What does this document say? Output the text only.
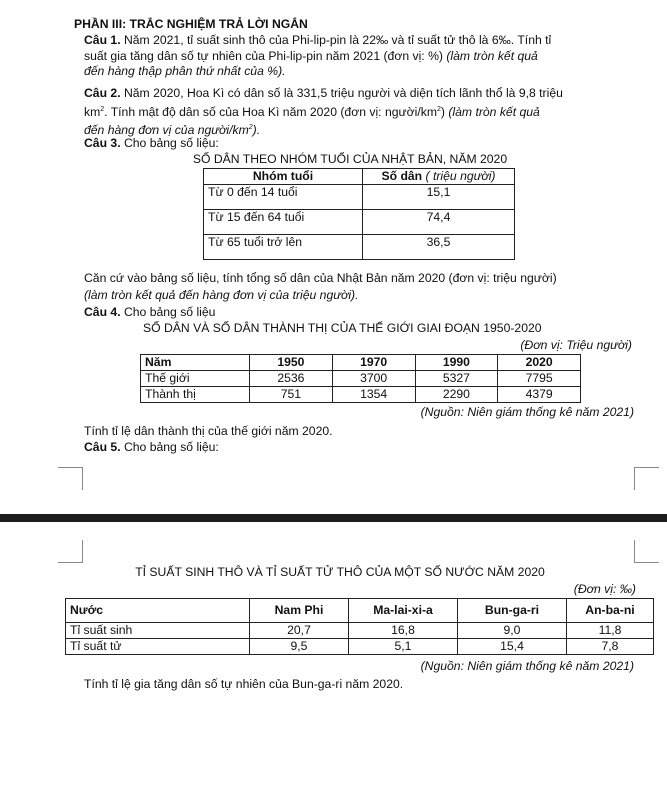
PHẦN III: TRẮC NGHIỆM TRẢ LỜI NGẮN
Câu 1. Năm 2021, tỉ suất sinh thô của Phi-lip-pin là 22‰ và tỉ suất tử thô là 6‰. Tính tỉ
suất gia tăng dân số tự nhiên của Phi-lip-pin năm 2021 (đơn vị: %) (làm tròn kết quả
đến hàng thập phân thứ nhất của %).
Câu 2. Năm 2020, Hoa Kì có dân số là 331,5 triệu người và diện tích lãnh thổ là 9,8 triệu
$km^2$. Tính mật độ dân số của Hoa Kì năm 2020 (đơn vị: người/$km^2$) (làm tròn kết quả
đến hàng đơn vị của người/$km^2$).
Câu 3. Cho bảng số liệu:
SỐ DÂN THEO NHÓM TUỔI CỦA NHẬT BẢN, NĂM 2020
Nhóm tuổi	Số dân ( triệu người)
Từ 0 đến 14 tuổi	15,1
Từ 15 đến 64 tuổi	74,4
Từ 65 tuổi trở lên	36,5
Căn cứ vào bảng số liệu, tính tổng số dân của Nhật Bản năm 2020 (đơn vị: triệu người)
(làm tròn kết quả đến hàng đơn vị của triệu người).
Câu 4. Cho bảng số liệu
SỐ DÂN VÀ SỐ DÂN THÀNH THỊ CỦA THẾ GIỚI GIAI ĐOẠN 1950-2020
(Đơn vị: Triệu người)
Năm	1950	1970	1990	2020
Thế giới	2536	3700	5327	7795
Thành thị	751	1354	2290	4379
(Nguồn: Niên giám thống kê năm 2021)
Tính tỉ lệ dân thành thị của thế giới năm 2020.
Câu 5. Cho bảng số liệu:
TỈ SUẤT SINH THÔ VÀ TỈ SUẤT TỬ THÔ CỦA MỘT SỐ NƯỚC NĂM 2020
(Đơn vị: ‰)
Nước	Nam Phi	Ma-lai-xi-a	Bun-ga-ri	An-ba-ni
Tỉ suất sinh	20,7	16,8	9,0	11,8
Tỉ suất tử	9,5	5,1	15,4	7,8
(Nguồn: Niên giám thống kê năm 2021)
Tính tỉ lệ gia tăng dân số tự nhiên của Bun-ga-ri năm 2020.
